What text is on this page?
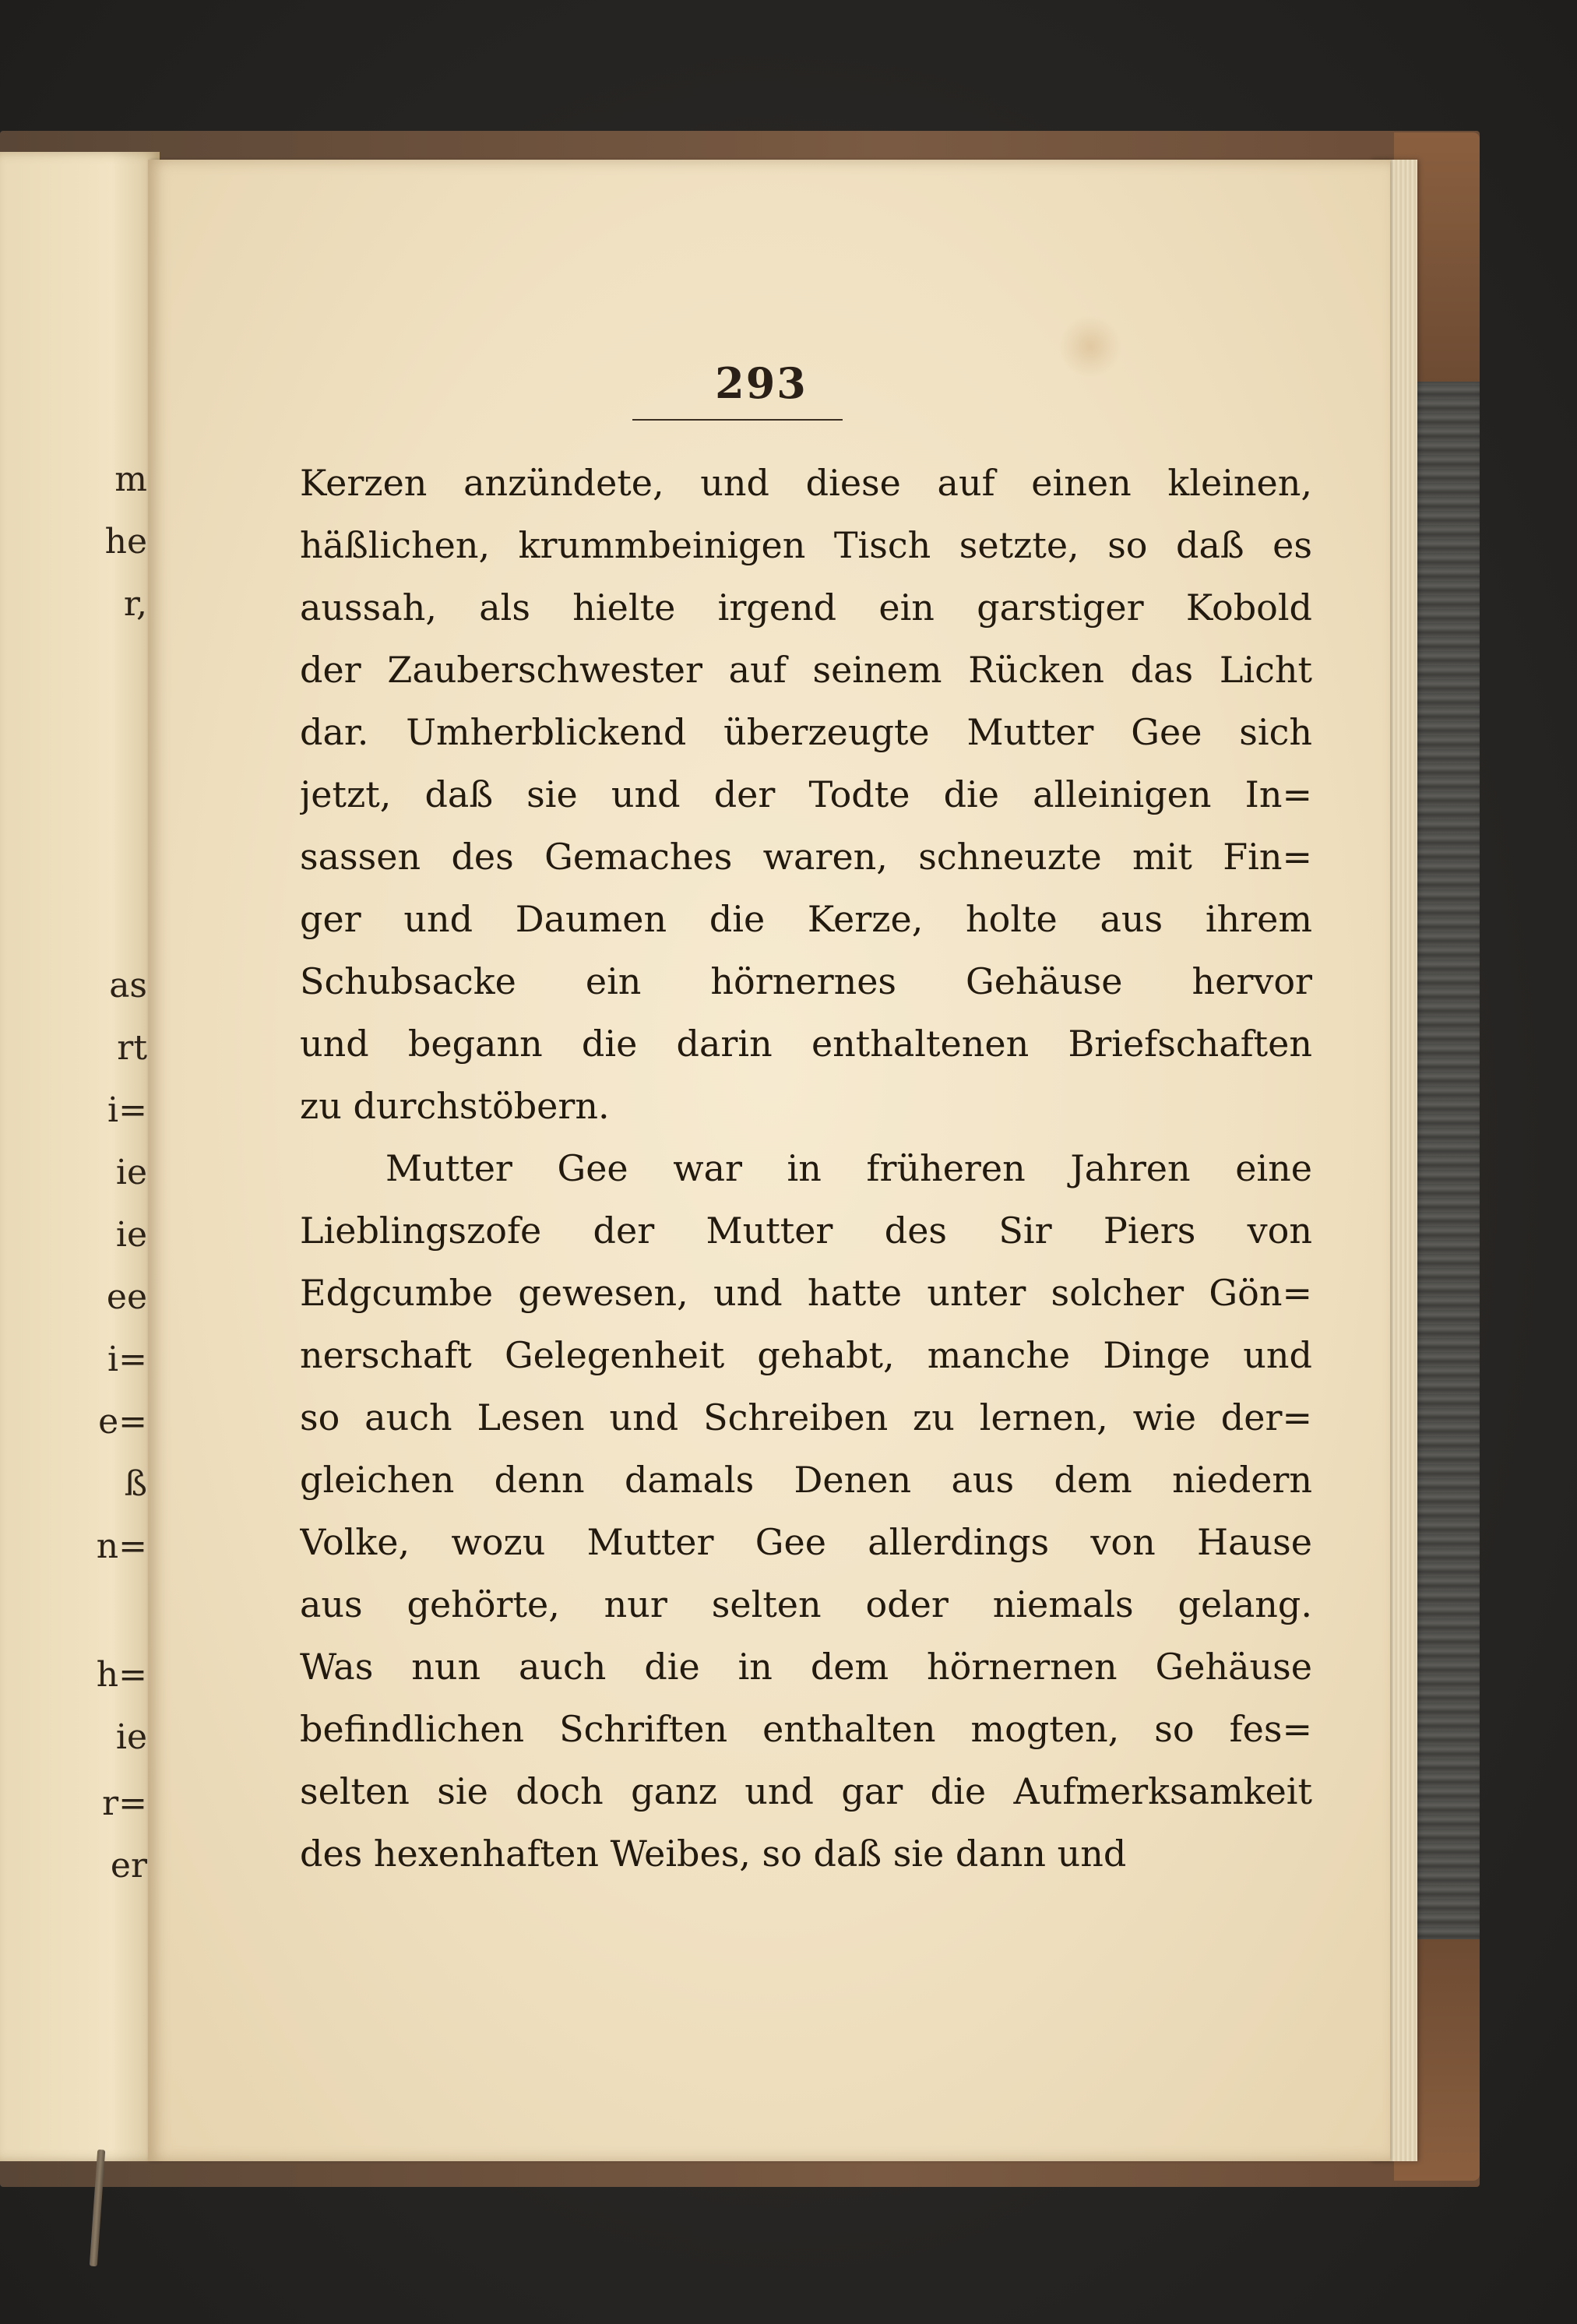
m
he
r,
as
rt
i=
ie
ie
ee
i=
e=
ß
n=
h=
ie
r=
er
293
Kerzen anzündete, und diese auf einen kleinen,
häßlichen, krummbeinigen Tisch setzte, so daß es
aussah, als hielte irgend ein garstiger Kobold
der Zauberschwester auf seinem Rücken das Licht
dar. Umherblickend überzeugte Mutter Gee sich
jetzt, daß sie und der Todte die alleinigen In=
sassen des Gemaches waren, schneuzte mit Fin=
ger und Daumen die Kerze, holte aus ihrem
Schubsacke ein hörnernes Gehäuse hervor
und begann die darin enthaltenen Briefschaften
zu durchstöbern.
Mutter Gee war in früheren Jahren eine
Lieblingszofe der Mutter des Sir Piers von
Edgcumbe gewesen, und hatte unter solcher Gön=
nerschaft Gelegenheit gehabt, manche Dinge und
so auch Lesen und Schreiben zu lernen, wie der=
gleichen denn damals Denen aus dem niedern
Volke, wozu Mutter Gee allerdings von Hause
aus gehörte, nur selten oder niemals gelang.
Was nun auch die in dem hörnernen Gehäuse
befindlichen Schriften enthalten mogten, so fes=
selten sie doch ganz und gar die Aufmerksamkeit
des hexenhaften Weibes, so daß sie dann und
